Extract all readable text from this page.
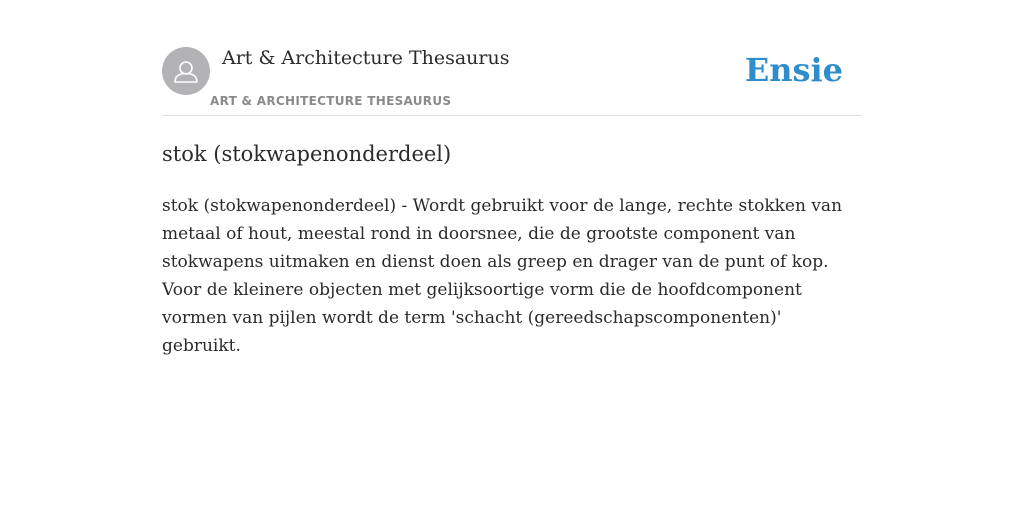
Art & Architecture Thesaurus
ART & ARCHITECTURE THESAURUS
Ensie
stok (stokwapenonderdeel)

stok (stokwapenonderdeel) - Wordt gebruikt voor de lange, rechte stokken van metaal of hout, meestal rond in doorsnee, die de grootste component van stokwapens uitmaken en dienst doen als greep en drager van de punt of kop. Voor de kleinere objecten met gelijksoortige vorm die de hoofdcomponent vormen van pijlen wordt de term 'schacht (gereedschapscomponenten)' gebruikt.
